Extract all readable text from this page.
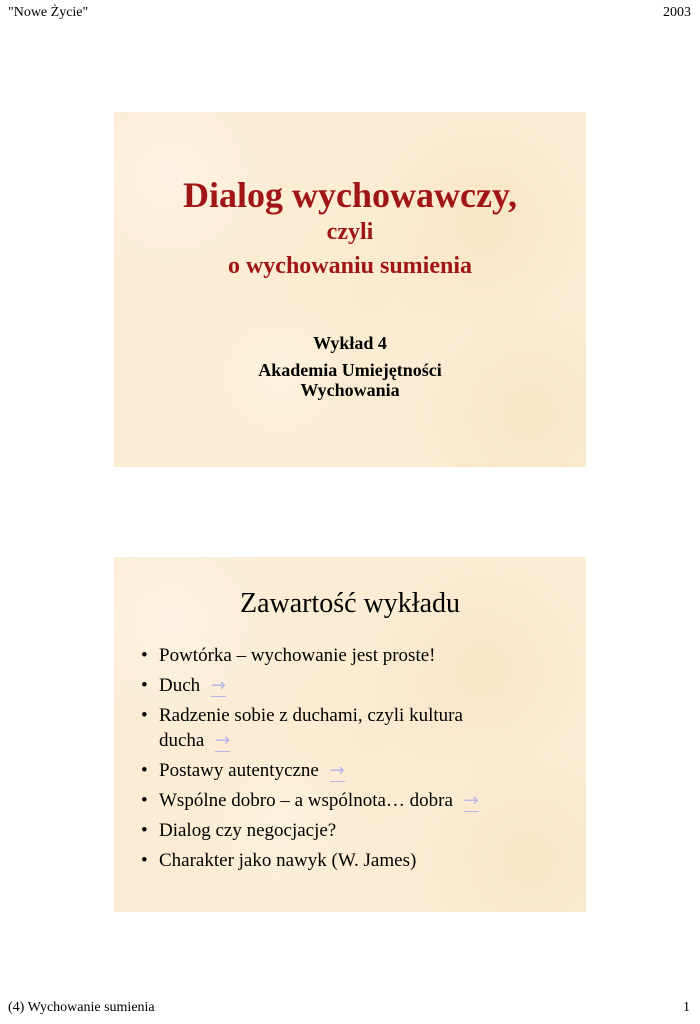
"Nowe Życie"	2003
Dialog wychowawczy,
czyli
o wychowaniu sumienia
Wykład 4
Akademia Umiejętności
Wychowania
Zawartość wykładu
• Powtórka – wychowanie jest proste!
• Duch →
• Radzenie sobie z duchami, czyli kultura
ducha →
• Postawy autentyczne →
• Wspólne dobro – a wspólnota… dobra →
• Dialog czy negocjacje?
• Charakter jako nawyk (W. James)
(4) Wychowanie sumienia	1
